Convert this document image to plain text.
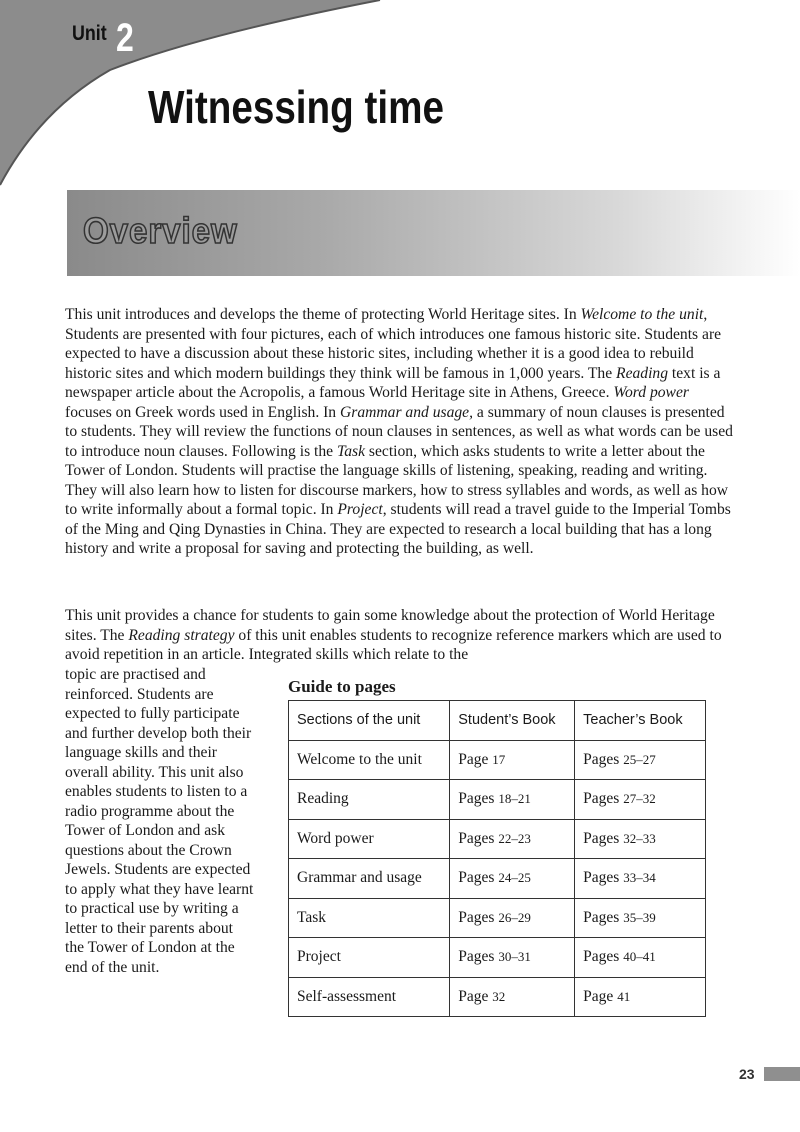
Unit 2
Witnessing time
Overview

This unit introduces and develops the theme of protecting World Heritage sites. In Welcome to the unit, Students are presented with four pictures, each of which introduces one famous historic site. Students are expected to have a discussion about these historic sites, including whether it is a good idea to rebuild historic sites and which modern buildings they think will be famous in 1,000 years. The Reading text is a newspaper article about the Acropolis, a famous World Heritage site in Athens, Greece. Word power focuses on Greek words used in English. In Grammar and usage, a summary of noun clauses is presented to students. They will review the functions of noun clauses in sentences, as well as what words can be used to introduce noun clauses. Following is the Task section, which asks students to write a letter about the Tower of London. Students will practise the language skills of listening, speaking, reading and writing. They will also learn how to listen for discourse markers, how to stress syllables and words, as well as how to write informally about a formal topic. In Project, students will read a travel guide to the Imperial Tombs of the Ming and Qing Dynasties in China. They are expected to research a local building that has a long history and write a proposal for saving and protecting the building, as well.

This unit provides a chance for students to gain some knowledge about the protection of World Heritage sites. The Reading strategy of this unit enables students to recognize reference markers which are used to avoid repetition in an article. Integrated skills which relate to the

topic are practised and reinforced. Students are expected to fully participate and further develop both their language skills and their overall ability. This unit also enables students to listen to a radio programme about the Tower of London and ask questions about the Crown Jewels. Students are expected to apply what they have learnt to practical use by writing a letter to their parents about the Tower of London at the end of the unit.

Guide to pages
Sections of the unit	Student’s Book	Teacher’s Book
Welcome to the unit	Page 17	Pages 25–27
Reading	Pages 18–21	Pages 27–32
Word power	Pages 22–23	Pages 32–33
Grammar and usage	Pages 24–25	Pages 33–34
Task	Pages 26–29	Pages 35–39
Project	Pages 30–31	Pages 40–41
Self-assessment	Page 32	Page 41
23
